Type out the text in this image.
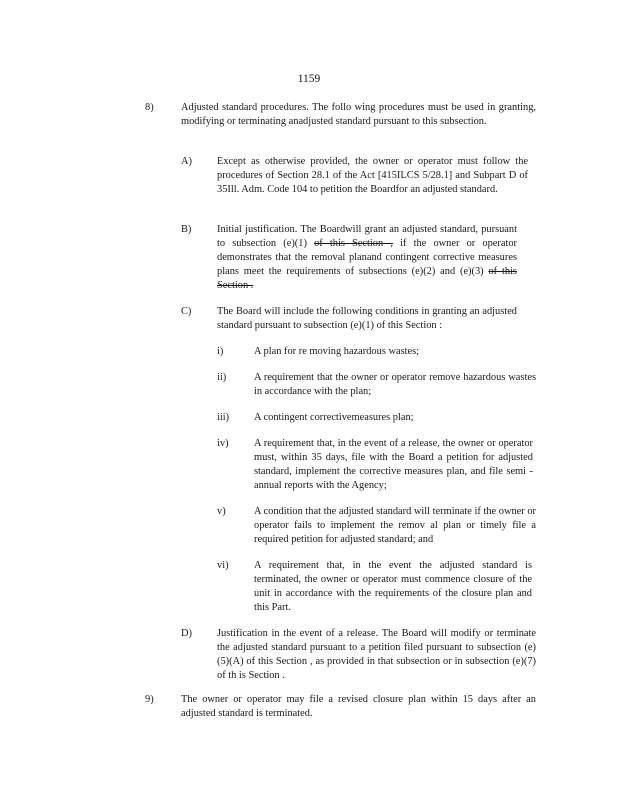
1159
8)	Adjusted standard procedures. The follo wing procedures must be used in granting, modifying or terminating anadjusted standard pursuant to this subsection.
A) Except as otherwise provided, the owner or operator must follow the procedures of Section 28.1 of the Act [415ILCS 5/28.1] and Subpart D of 35Ill. Adm. Code 104 to petition the Boardfor an adjusted standard.
B) Initial justification. The Boardwill grant an adjusted standard, pursuant to subsection (e)(1) of this Section , if the owner or operator demonstrates that the removal planand contingent corrective measures plans meet the requirements of subsections (e)(2) and (e)(3) of this Section .
C) The Board will include the following conditions in granting an adjusted standard pursuant to subsection (e)(1) of this Section :
i)	A plan for re moving hazardous wastes;
ii)	A requirement that the owner or operator remove hazardous wastes in accordance with the plan;
iii) A contingent correctivemeasures plan;
iv) A requirement that, in the event of a release, the owner or operator must, within 35 days, file with the Board a petition for adjusted standard, implement the corrective measures plan, and file semi -annual reports with the Agency;
v)	A condition that the adjusted standard will terminate if the owner or operator fails to implement the remov al plan or timely file a required petition for adjusted standard; and
vi) A requirement that, in the event the adjusted standard is terminated, the owner or operator must commence closure of the unit in accordance with the requirements of the closure plan and this Part.
D) Justification in the event of a release. The Board will modify or terminate the adjusted standard pursuant to a petition filed pursuant to subsection (e)(5)(A) of this Section , as provided in that subsection or in subsection (e)(7) of th is Section .
9)	The owner or operator may file a revised closure plan within 15 days after an adjusted standard is terminated.
